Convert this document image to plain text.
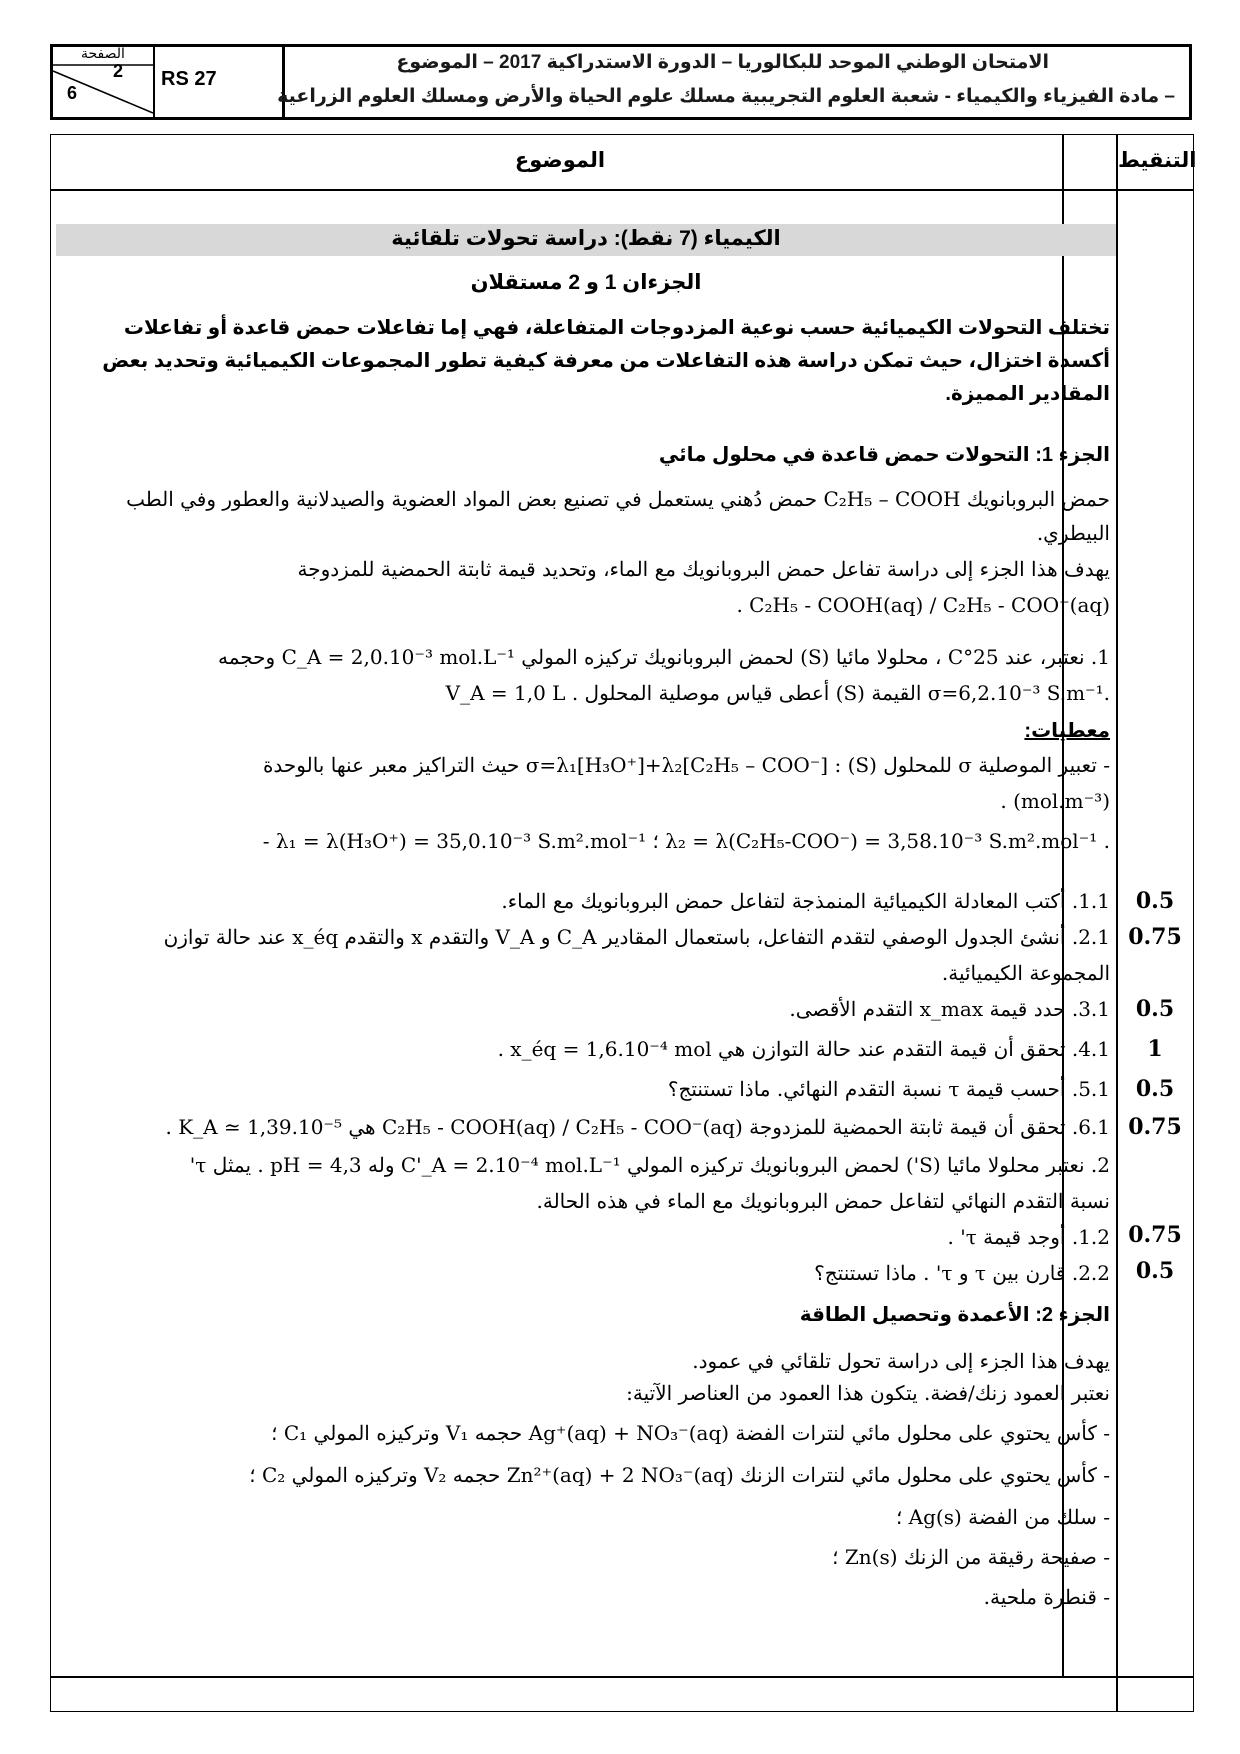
الصفحة
2
6
RS 27
الامتحان الوطني الموحد للبكالوريا – الدورة الاستدراكية 2017 – الموضوع
– مادة الفيزياء والكيمياء - شعبة العلوم التجريبية مسلك علوم الحياة والأرض ومسلك العلوم الزراعية
التنقيط
الموضوع
الكيمياء (7 نقط): دراسة تحولات تلقائية
الجزءان 1 و 2 مستقلان
تختلف التحولات الكيميائية حسب نوعية المزدوجات المتفاعلة، فهي إما تفاعلات حمض قاعدة أو تفاعلات أكسدة اختزال، حيث تمكن دراسة هذه التفاعلات من معرفة كيفية تطور المجموعات الكيميائية وتحديد بعض المقادير المميزة.
الجزء 1: التحولات حمض قاعدة في محلول مائي
حمض البروبانويك C₂H₅ – COOH حمض دُهني يستعمل في تصنيع بعض المواد العضوية والصيدلانية والعطور وفي الطب البيطري.
يهدف هذا الجزء إلى دراسة تفاعل حمض البروبانويك مع الماء، وتحديد قيمة ثابتة الحمضية للمزدوجة
. C₂H₅ - COOH(aq) / C₂H₅ - COO⁻(aq)
1. نعتبر، عند 25°C ، محلولا مائيا (S) لحمض البروبانويك تركيزه المولي C_A = 2,0.10⁻³ mol.L⁻¹ وحجمه
V_A = 1,0 L . أعطى قياس موصلية المحلول (S) القيمة σ=6,2.10⁻³ S.m⁻¹.
معطيات:
- تعبير الموصلية σ للمحلول (S) : σ=λ₁[H₃O⁺]+λ₂[C₂H₅ – COO⁻] حيث التراكيز معبر عنها بالوحدة
. (mol.m⁻³)
- λ₁ = λ(H₃O⁺) = 35,0.10⁻³ S.m².mol⁻¹ ؛ λ₂ = λ(C₂H₅-COO⁻) = 3,58.10⁻³ S.m².mol⁻¹ .
1.1. أكتب المعادلة الكيميائية المنمذجة لتفاعل حمض البروبانويك مع الماء.	0.5
2.1. أنشئ الجدول الوصفي لتقدم التفاعل، باستعمال المقادير C_A و V_A والتقدم x والتقدم x_éq عند حالة توازن
المجموعة الكيميائية.
0.75
3.1. حدد قيمة x_max التقدم الأقصى.	0.5
4.1. تحقق أن قيمة التقدم عند حالة التوازن هي x_éq = 1,6.10⁻⁴ mol .	1
5.1. أحسب قيمة τ نسبة التقدم النهائي. ماذا تستنتج؟	0.5
6.1. تحقق أن قيمة ثابتة الحمضية للمزدوجة C₂H₅ - COOH(aq) / C₂H₅ - COO⁻(aq) هي K_A ≃ 1,39.10⁻⁵ . 0.75
2. نعتبر محلولا مائيا (S') لحمض البروبانويك تركيزه المولي C'_A = 2.10⁻⁴ mol.L⁻¹ وله pH = 4,3 . يمثل τ'
نسبة التقدم النهائي لتفاعل حمض البروبانويك مع الماء في هذه الحالة.
1.2. أوجد قيمة τ' . 0.75
2.2. قارن بين τ و τ' . ماذا تستنتج؟	0.5
الجزء 2: الأعمدة وتحصيل الطاقة
يهدف هذا الجزء إلى دراسة تحول تلقائي في عمود.
نعتبر العمود زنك/فضة. يتكون هذا العمود من العناصر الآتية:
- كأس يحتوي على محلول مائي لنترات الفضة Ag⁺(aq) + NO₃⁻(aq) حجمه V₁ وتركيزه المولي C₁ ؛
- كأس يحتوي على محلول مائي لنترات الزنك Zn²⁺(aq) + 2 NO₃⁻(aq) حجمه V₂ وتركيزه المولي C₂ ؛
- سلك من الفضة Ag(s) ؛
- صفيحة رقيقة من الزنك Zn(s) ؛
- قنطرة ملحية.
